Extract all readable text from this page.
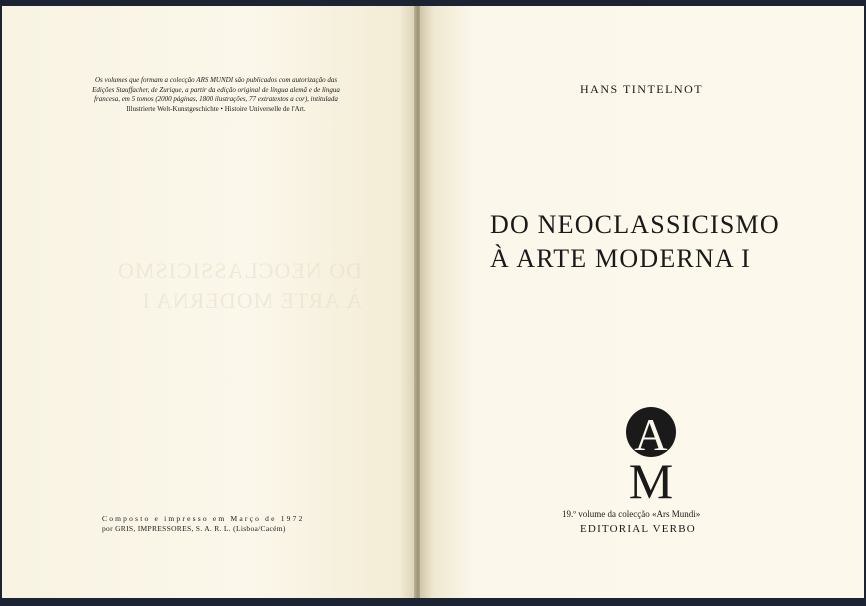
Os volumes que formam a colecção ARS MUNDI são publicados com autorização das
Edições Stauffacher, de Zurique, a partir da edição original de língua alemã e de língua
francesa, em 5 tomos (2000 páginas, 1800 ilustrações, 77 extratextos a cor), intitulada
Illustrierte Welt-Kunstgeschichte • Histoire Universelle de l'Art.
DO NEOCLASSICISMO
À ARTE MODERNA I
Composto e impresso em Março de 1972
por GRIS, IMPRESSORES, S. A. R. L. (Lisboa/Cacém)
HANS TINTELNOT
DO NEOCLASSICISMO
À ARTE MODERNA I
A
M
19.º volume da colecção «Ars Mundi»
EDITORIAL VERBO
